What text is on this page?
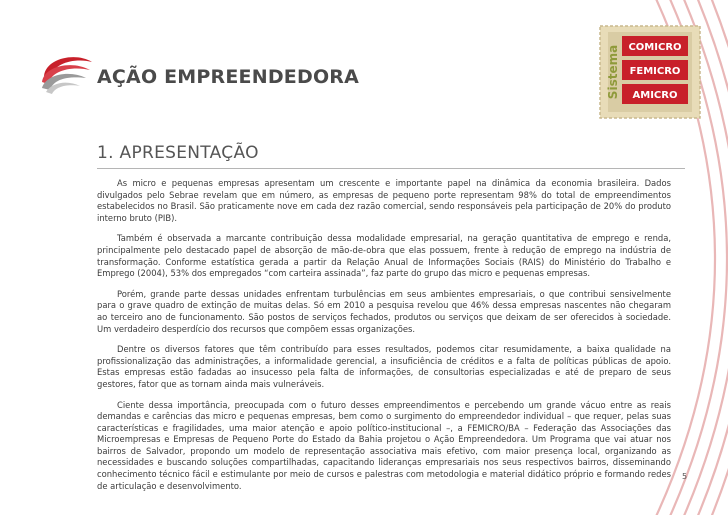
AÇÃO EMPREENDEDORA
COMICRO
FEMICRO
AMICRO
Sistema
1. APRESENTAÇÃO

As micro e pequenas empresas apresentam um crescente e importante papel na dinâmica da economia brasileira. Dados divulgados pelo Sebrae revelam que em número, as empresas de pequeno porte representam 98% do total de empreendimentos estabelecidos no Brasil. São praticamente nove em cada dez razão comercial, sendo responsáveis pela participação de 20% do produto interno bruto (PIB).

Também é observada a marcante contribuição dessa modalidade empresarial, na geração quantitativa de emprego e renda, principalmente pelo destacado papel de absorção de mão-de-obra que elas possuem, frente à redução de emprego na indústria de transformação. Conforme estatística gerada a partir da Relação Anual de Informações Sociais (RAIS) do Ministério do Trabalho e Emprego (2004), 53% dos empregados “com carteira assinada”, faz parte do grupo das micro e pequenas empresas.

Porém, grande parte dessas unidades enfrentam turbulências em seus ambientes empresariais, o que contribui sensivelmente para o grave quadro de extinção de muitas delas. Só em 2010 a pesquisa revelou que 46% dessa empresas nascentes não chegaram ao terceiro ano de funcionamento. São postos de serviços fechados, produtos ou serviços que deixam de ser oferecidos à sociedade. Um verdadeiro desperdício dos recursos que compõem essas organizações.

Dentre os diversos fatores que têm contribuído para esses resultados, podemos citar resumidamente, a baixa qualidade na profissionalização das administrações, a informalidade gerencial, a insuficiência de créditos e a falta de políticas públicas de apoio. Estas empresas estão fadadas ao insucesso pela falta de informações, de consultorias especializadas e até de preparo de seus gestores, fator que as tornam ainda mais vulneráveis.

Ciente dessa importância, preocupada com o futuro desses empreendimentos e percebendo um grande vácuo entre as reais demandas e carências das micro e pequenas empresas, bem como o surgimento do empreendedor individual – que requer, pelas suas características e fragilidades, uma maior atenção e apoio político-institucional –, a FEMICRO/BA – Federação das Associações das Microempresas e Empresas de Pequeno Porte do Estado da Bahia projetou o Ação Empreendedora. Um Programa que vai atuar nos bairros de Salvador, propondo um modelo de representação associativa mais efetivo, com maior presença local, organizando as necessidades e buscando soluções compartilhadas, capacitando lideranças empresariais nos seus respectivos bairros, disseminando conhecimento técnico fácil e estimulante por meio de cursos e palestras com metodologia e material didático próprio e formando redes de articulação e desenvolvimento.

5
